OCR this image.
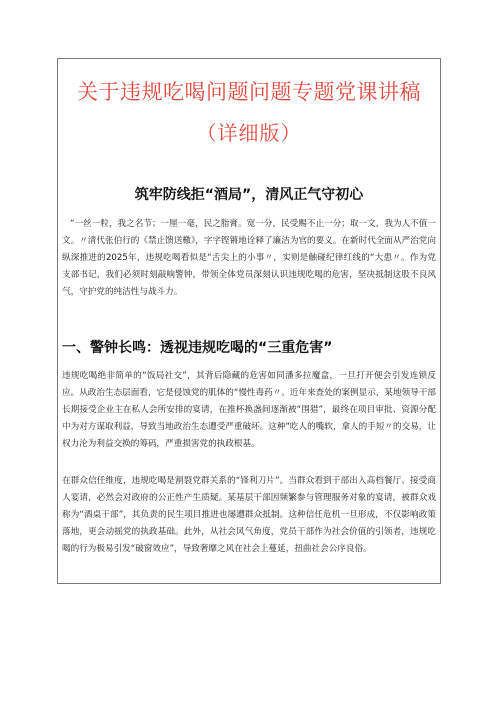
关于违规吃喝问题问题专题党课讲稿
（详细版）
筑牢防线拒“酒局”，清风正气守初心

“一丝一粒，我之名节；一厘一毫，民之脂膏。宽一分，民受赐不止一分；取一文，我为人不值一文。〃清代张伯行的《禁止馈送檄》，字字铿锵地诠释了廉洁为官的要义。在新时代全面从严治党向纵深推进的2025年，违规吃喝看似是“舌尖上的小事〃，实则是触碰纪律红线的“大患〃。作为党支部书记，我们必须时刻敲响警钟，带领全体党员深刻认识违规吃喝的危害，坚决抵制这股不良风气，守护党的纯洁性与战斗力。

一、警钟长鸣：透视违规吃喝的“三重危害”

违规吃喝绝非简单的“饭局社交”，其背后隐藏的危害如同潘多拉魔盒，一旦打开便会引发连锁反应。从政治生态层面看，它是侵蚀党的肌体的“慢性毒药〃。近年来查处的案例显示，某地领导干部长期接受企业主在私人会所安排的宴请，在推杯换盏间逐渐被“围猎”，最终在项目审批、资源分配中为对方谋取利益，导致当地政治生态遭受严重破坏。这种“吃人的嘴软，拿人的手短〃的交易，让权力沦为利益交换的筹码，严重损害党的执政根基。

在群众信任维度，违规吃喝是割裂党群关系的“锋利刀片”。当群众看到干部出入高档餐厅、接受商人宴请，必然会对政府的公正性产生质疑。某基层干部因频繁参与管理服务对象的宴请，被群众戏称为“酒桌干部”，其负责的民生项目推进也屡遭群众抵制。这种信任危机一旦形成，不仅影响政策落地，更会动摇党的执政基础。此外，从社会风气角度，党员干部作为社会价值的引领者，违规吃喝的行为极易引发“破窗效应”，导致奢靡之风在社会上蔓延，扭曲社会公序良俗。
